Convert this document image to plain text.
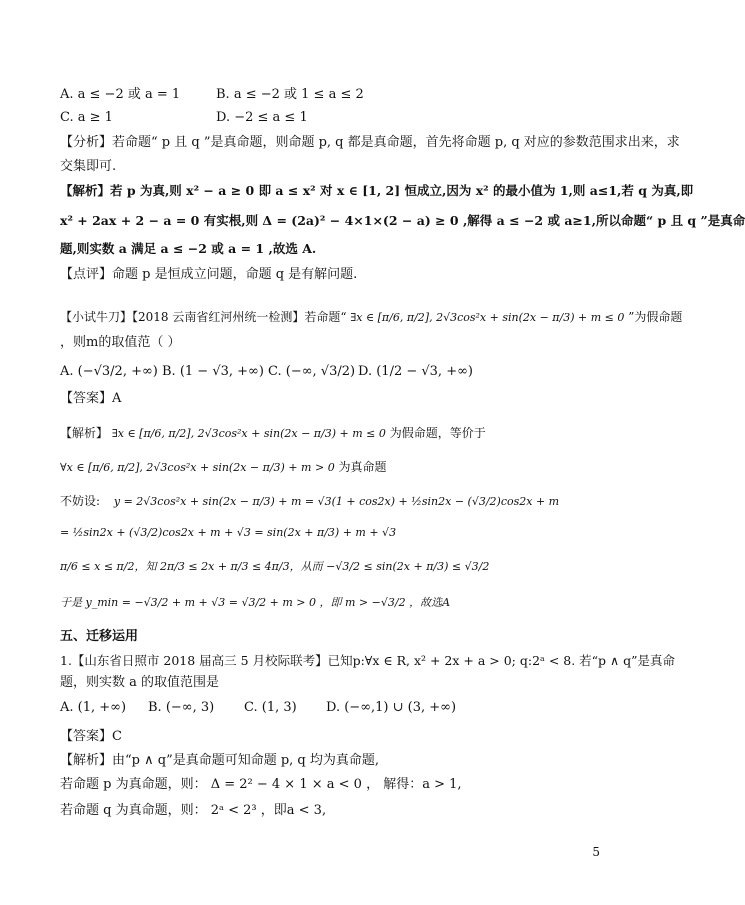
A. a ≤ −2 或 a = 1	B. a ≤ −2 或 1 ≤ a ≤ 2
C. a ≥ 1	D. −2 ≤ a ≤ 1
【分析】若命题“ p 且 q ”是真命题，则命题 p, q 都是真命题，首先将命题 p, q 对应的参数范围求出来，求
交集即可.
【解析】若 p 为真,则 x² − a ≥ 0 即 a ≤ x² 对 x ∈ [1, 2] 恒成立,因为 x² 的最小值为 1,则 a≤1,若 q 为真,即
x² + 2ax + 2 − a = 0 有实根,则 Δ = (2a)² − 4×1×(2 − a) ≥ 0 ,解得 a ≤ −2 或 a≥1,所以命题“ p 且 q ”是真命
题,则实数 a 满足 a ≤ −2 或 a = 1 ,故选 A.
【点评】命题 p 是恒成立问题，命题 q 是有解问题.
【小试牛刀】【2018 云南省红河州统一检测】若命题“ ∃x ∈ [π/6, π/2], 2√3cos²x + sin(2x − π/3) + m ≤ 0 ”为假命题
，则m的取值范（ ）
A. (−√3/2, +∞) B. (1 − √3, +∞) C. (−∞, √3/2) D. (1/2 − √3, +∞)
【答案】A
【解析】 ∃x ∈ [π/6, π/2], 2√3cos²x + sin(2x − π/3) + m ≤ 0 为假命题，等价于
∀x ∈ [π/6, π/2], 2√3cos²x + sin(2x − π/3) + m > 0 为真命题
不妨设: y = 2√3cos²x + sin(2x − π/3) + m = √3(1 + cos2x) + ½sin2x − (√3/2)cos2x + m
= ½sin2x + (√3/2)cos2x + m + √3 = sin(2x + π/3) + m + √3
π/6 ≤ x ≤ π/2，知 2π/3 ≤ 2x + π/3 ≤ 4π/3，从而 −√3/2 ≤ sin(2x + π/3) ≤ √3/2
于是 y_min = −√3/2 + m + √3 = √3/2 + m > 0 ，即 m > −√3/2 ，故选A
五、迁移运用
1.【山东省日照市 2018 届高三 5 月校际联考】已知p:∀x ∈ R, x² + 2x + a > 0; q:2ᵃ < 8. 若“p ∧ q”是真命
题，则实数 a 的取值范围是
A. (1, +∞) B. (−∞, 3) C. (1, 3) D. (−∞,1) ∪ (3, +∞)
【答案】C
【解析】由“p ∧ q”是真命题可知命题 p, q 均为真命题,
若命题 p 为真命题，则： Δ = 2² − 4 × 1 × a < 0 ， 解得：a > 1,
若命题 q 为真命题，则： 2ᵃ < 2³ ，即a < 3,
5
